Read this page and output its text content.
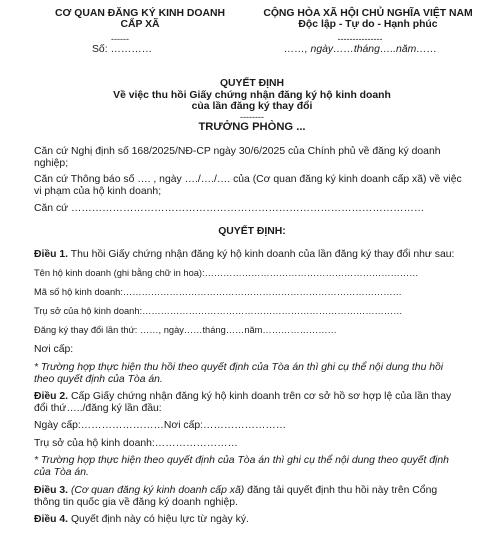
CƠ QUAN ĐĂNG KÝ KINH DOANH
CẤP XÃ
------
Số: …………
CỘNG HÒA XÃ HỘI CHỦ NGHĨA VIỆT NAM
Độc lập - Tự do - Hạnh phúc
---------------
……, ngày……tháng…..năm……
QUYẾT ĐỊNH
Về việc thu hồi Giấy chứng nhận đăng ký hộ kinh doanh
của lần đăng ký thay đổi
--------
TRƯỞNG PHÒNG ...
Căn cứ Nghị định số 168/2025/NĐ-CP ngày 30/6/2025 của Chính phủ về đăng ký doanh
nghiệp;
Căn cứ Thông báo số …. , ngày …./…./…. của (Cơ quan đăng ký kinh doanh cấp xã) về việc
vi phạm của hộ kinh doanh;
Căn cứ …………………………………………………………………………………………
QUYẾT ĐỊNH:
Điều 1. Thu hồi Giấy chứng nhận đăng ký hộ kinh doanh của lần đăng ký thay đổi như sau:
Tên hộ kinh doanh (ghi bằng chữ in hoa):……………………………………………………………
Mã số hộ kinh doanh:………………………………………………………………………………
Trụ sở của hộ kinh doanh:…………………………………………………………………………
Đăng ký thay đổi lần thứ: ……, ngày……tháng……năm……………………
Nơi cấp:
* Trường hợp thực hiện thu hồi theo quyết định của Tòa án thì ghi cụ thể nội dung thu hồi
theo quyết định của Tòa án.
Điều 2. Cấp Giấy chứng nhận đăng ký hộ kinh doanh trên cơ sở hồ sơ hợp lệ của lần thay
đổi thứ…../đăng ký lần đầu:
Ngày cấp:……………………Nơi cấp:……………………
Trụ sở của hộ kinh doanh:……………………
* Trường hợp thực hiện theo quyết định của Tòa án thì ghi cụ thể nội dung theo quyết định
của Tòa án.
Điều 3. (Cơ quan đăng ký kinh doanh cấp xã) đăng tải quyết định thu hồi này trên Cổng
thông tin quốc gia về đăng ký doanh nghiệp.
Điều 4. Quyết định này có hiệu lực từ ngày ký.
